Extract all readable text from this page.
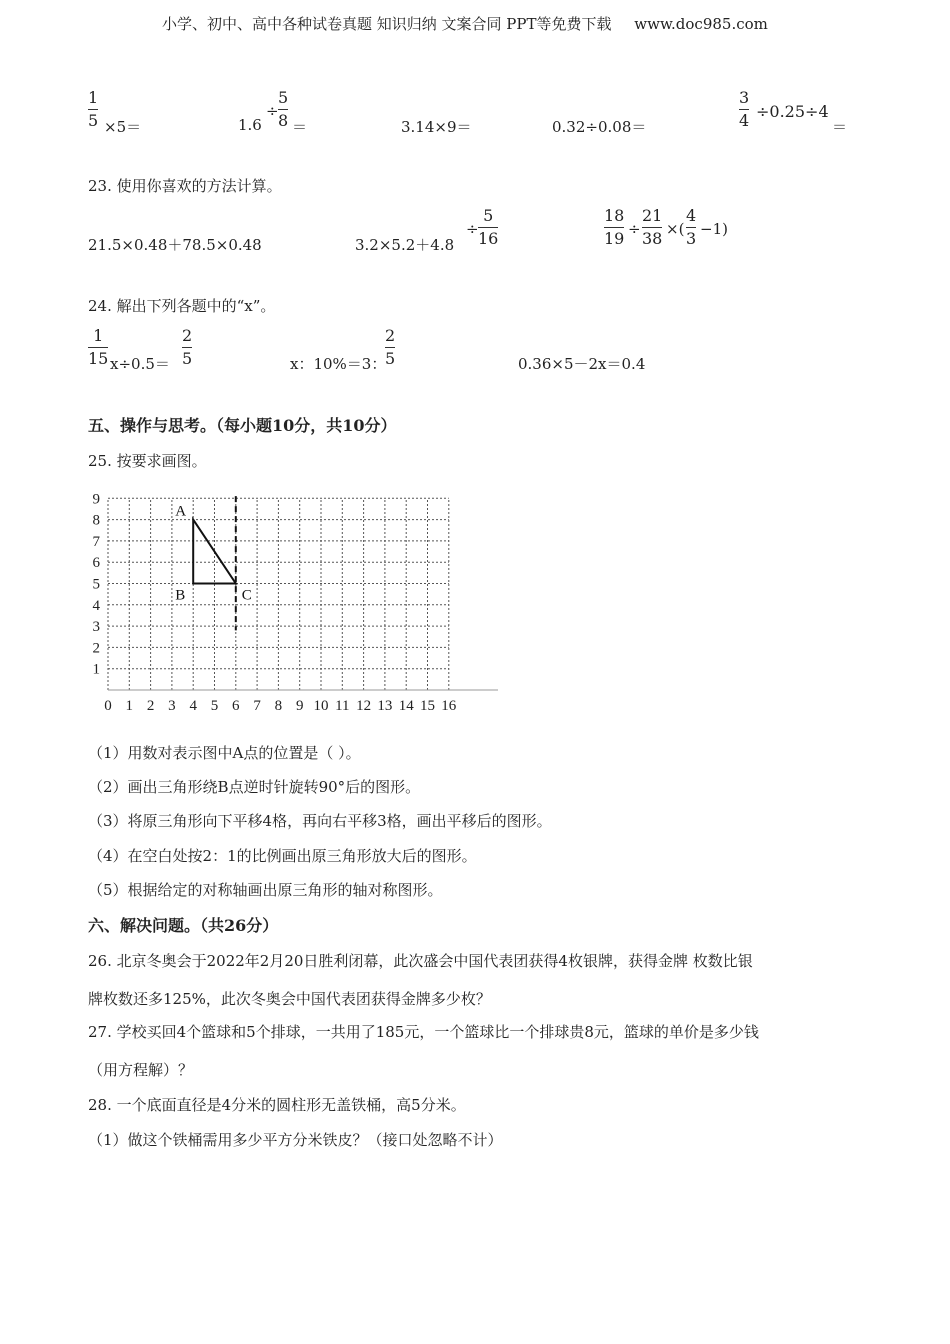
小学、初中、高中各种试卷真题 知识归纳 文案合同 PPT等免费下载 www.doc985.com
1
5 ×5＝	1.6
÷
5
8 ＝	3.14×9＝	0.32÷0.08＝
3
4 ÷0.25÷4
＝
23. 使用你喜欢的方法计算。
21.5×0.48＋78.5×0.48	3.2×5.2＋4.8
÷
5
16
18
19 ÷
21
38 ×(
4
3 −1)
24. 解出下列各题中的“x”。
1
15 x÷0.5＝
2
5	x：10%＝3：
2
5	0.36×5－2x＝0.4
五、操作与思考。（每小题10分，共10分）
25. 按要求画图。
1
2
3
4
5
6
7
8
9
0 1 2 3 4 5 6 7 8 9 10 11 12 13 14 15 16
A
B	C
（1）用数对表示图中A点的位置是（ ）。
（2）画出三角形绕B点逆时针旋转90°后的图形。
（3）将原三角形向下平移4格，再向右平移3格，画出平移后的图形。
（4）在空白处按2：1的比例画出原三角形放大后的图形。
（5）根据给定的对称轴画出原三角形的轴对称图形。
六、解决问题。（共26分）
26. 北京冬奥会于2022年2月20日胜利闭幕，此次盛会中国代表团获得4枚银牌，获得金牌 枚数比银
牌枚数还多125%，此次冬奥会中国代表团获得金牌多少枚？
27. 学校买回4个篮球和5个排球，一共用了185元，一个篮球比一个排球贵8元，篮球的单价是多少钱
（用方程解）？
28. 一个底面直径是4分米的圆柱形无盖铁桶，高5分米。
（1）做这个铁桶需用多少平方分米铁皮？（接口处忽略不计）
